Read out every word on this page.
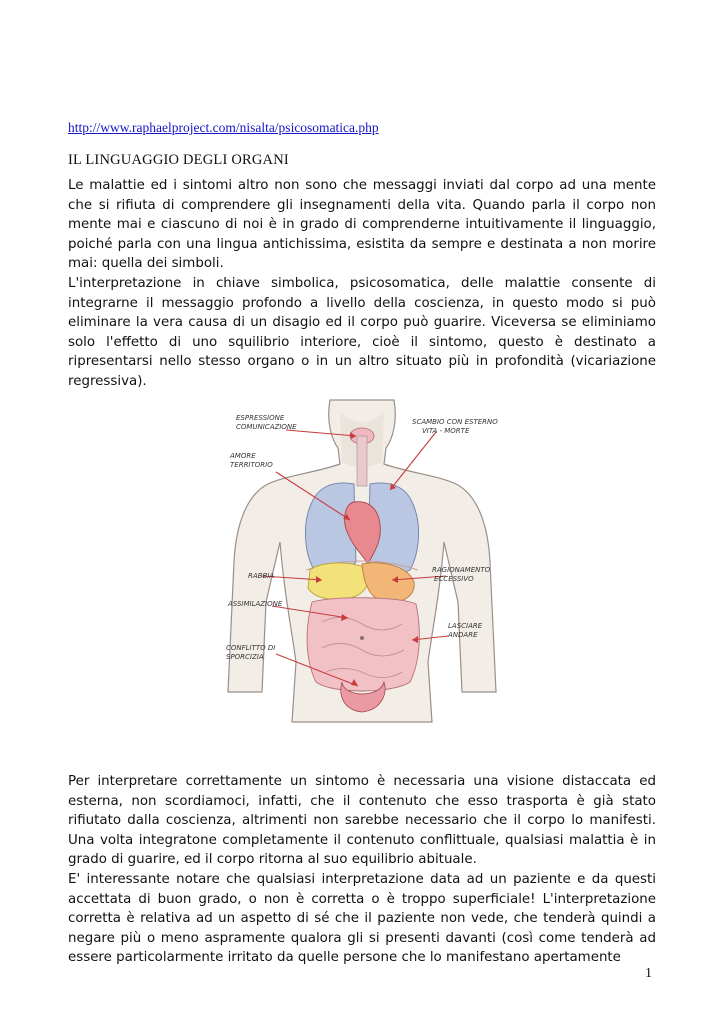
http://www.raphaelproject.com/nisalta/psicosomatica.php
IL LINGUAGGIO DEGLI ORGANI

Le malattie ed i sintomi altro non sono che messaggi inviati dal corpo ad una mente che si rifiuta di comprendere gli insegnamenti della vita. Quando parla il corpo non mente mai e ciascuno di noi è in grado di comprenderne intuitivamente il linguaggio, poiché parla con una lingua antichissima, esistita da sempre e destinata a non morire mai: quella dei simboli.

L'interpretazione in chiave simbolica, psicosomatica, delle malattie consente di integrarne il messaggio profondo a livello della coscienza, in questo modo si può eliminare la vera causa di un disagio ed il corpo può guarire. Viceversa se eliminiamo solo l'effetto di uno squilibrio interiore, cioè il sintomo, questo è destinato a ripresentarsi nello stesso organo o in un altro situato più in profondità (vicariazione regressiva).

ESPRESSIONE
COMUNICAZIONE
SCAMBIO CON ESTERNO
VITA - MORTE
AMORE
TERRITORIO
RABBIA
RAGIONAMENTO
ECCESSIVO
ASSIMILAZIONE
LASCIARE
ANDARE
CONFLITTO DI
SPORCIZIA

Per interpretare correttamente un sintomo è necessaria una visione distaccata ed esterna, non scordiamoci, infatti, che il contenuto che esso trasporta è già stato rifiutato dalla coscienza, altrimenti non sarebbe necessario che il corpo lo manifesti. Una volta integratone completamente il contenuto conflittuale, qualsiasi malattia è in grado di guarire, ed il corpo ritorna al suo equilibrio abituale.

E' interessante notare che qualsiasi interpretazione data ad un paziente e da questi accettata di buon grado, o non è corretta o è troppo superficiale! L'interpretazione corretta è relativa ad un aspetto di sé che il paziente non vede, che tenderà quindi a negare più o meno aspramente qualora gli si presenti davanti (così come tenderà ad essere particolarmente irritato da quelle persone che lo manifestano apertamente

1
